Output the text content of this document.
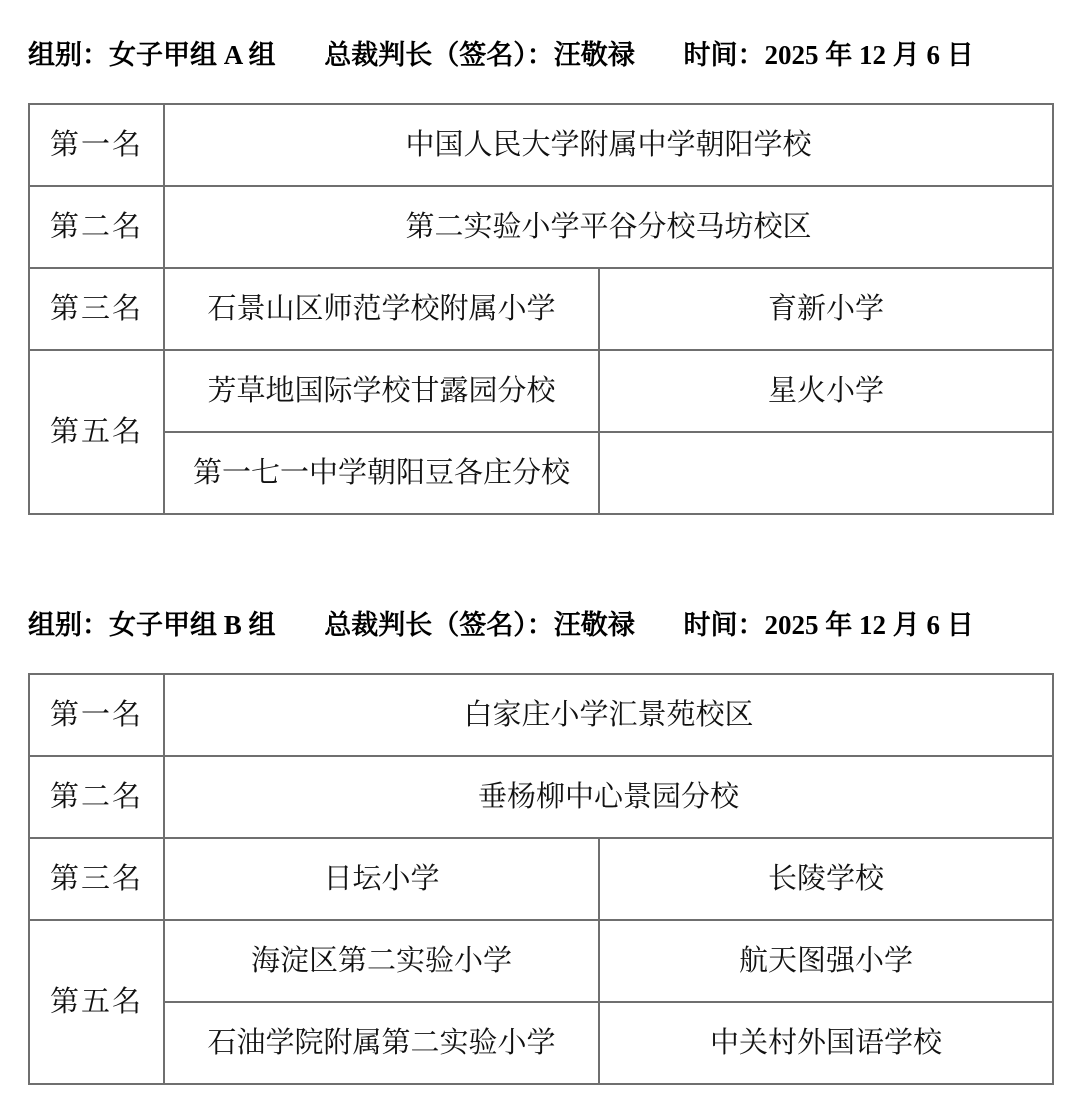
组别：女子甲组 A 组 总裁判长（签名）：汪敬禄 时间：2025 年 12 月 6 日
第一名	中国人民大学附属中学朝阳学校	
第二名	第二实验小学平谷分校马坊校区	
第三名	石景山区师范学校附属小学	育新小学
第五名	芳草地国际学校甘露园分校	星火小学
	第一七一中学朝阳豆各庄分校	
组别：女子甲组 B 组 总裁判长（签名）：汪敬禄 时间：2025 年 12 月 6 日
第一名	白家庄小学汇景苑校区	
第二名	垂杨柳中心景园分校	
第三名	日坛小学	长陵学校
第五名	海淀区第二实验小学	航天图强小学
	石油学院附属第二实验小学	中关村外国语学校
